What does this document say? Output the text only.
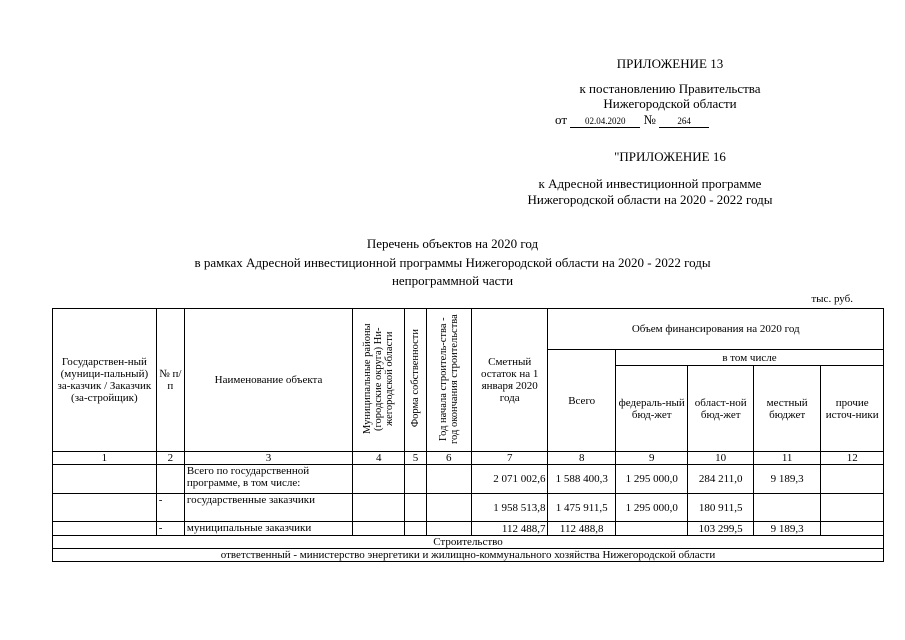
ПРИЛОЖЕНИЕ 13
к постановлению Правительства
Нижегородской области
от 02.04.2020 № 264
"ПРИЛОЖЕНИЕ 16
к Адресной инвестиционной программе
Нижегородской области на 2020 - 2022 годы
Перечень объектов на 2020 год
в рамках Адресной инвестиционной программы Нижегородской области на 2020 - 2022 годы
непрограммной части
тыс. руб.
Государствен-ный (муници-пальный) за-казчик / Заказчик (за-стройщик)	№ п/п	Наименование объекта	Муниципальные районы (городские округа) Ни-жегородской области	Форма собственности	Год начала строитель-ства - год окончания строительства	Сметный остаток на 1 января 2020 года	Объем финансирования на 2020 год				
							Всего	в том числе			
								федераль-ный бюд-жет	област-ной бюд-жет	местный бюджет	прочие источ-ники
1	2	3	4	5	6	7	8	9	10	11	12
		Всего по государственной программе, в том числе:				2 071 002,6	1 588 400,3	1 295 000,0	284 211,0	9 189,3	
	-	государственные заказчики				1 958 513,8	1 475 911,5	1 295 000,0	180 911,5		
	-	муниципальные заказчики				112 488,7	112 488,8		103 299,5	9 189,3	
Строительство											
ответственный - министерство энергетики и жилищно-коммунального хозяйства Нижегородской области											
